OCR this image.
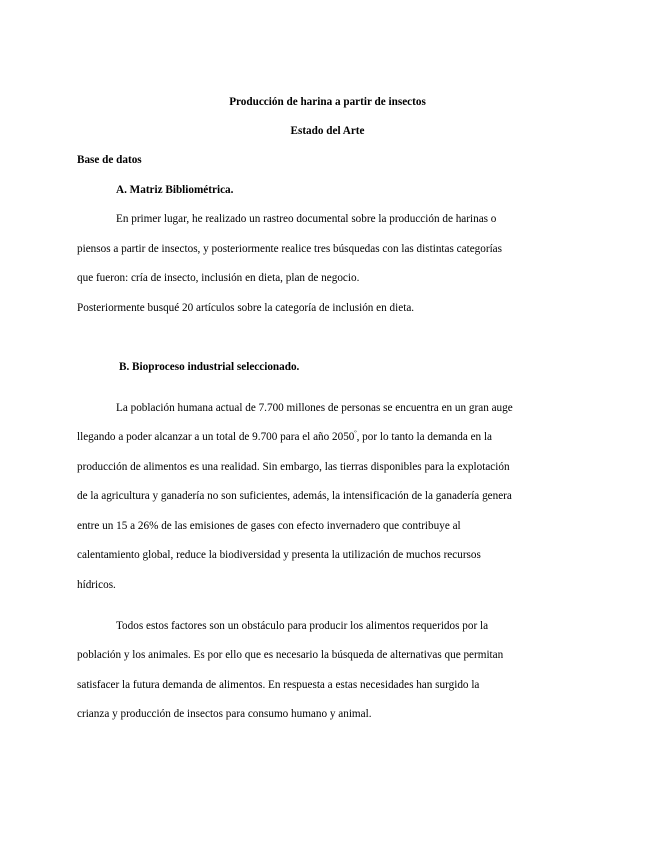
Producción de harina a partir de insectos
Estado del Arte
Base de datos
A. Matriz Bibliométrica.
En primer lugar, he realizado un rastreo documental sobre la producción de harinas o
piensos a partir de insectos, y posteriormente realice tres búsquedas con las distintas categorías
que fueron: cría de insecto, inclusión en dieta, plan de negocio.
Posteriormente busqué 20 artículos sobre la categoría de inclusión en dieta.
B. Bioproceso industrial seleccionado.
La población humana actual de 7.700 millones de personas se encuentra en un gran auge
llegando a poder alcanzar a un total de 9.700 para el año $2050^º$, por lo tanto la demanda en la
producción de alimentos es una realidad. Sin embargo, las tierras disponibles para la explotación
de la agricultura y ganadería no son suficientes, además, la intensificación de la ganadería genera
entre un 15 a 26% de las emisiones de gases con efecto invernadero que contribuye al
calentamiento global, reduce la biodiversidad y presenta la utilización de muchos recursos
hídricos.
Todos estos factores son un obstáculo para producir los alimentos requeridos por la
población y los animales. Es por ello que es necesario la búsqueda de alternativas que permitan
satisfacer la futura demanda de alimentos. En respuesta a estas necesidades han surgido la
crianza y producción de insectos para consumo humano y animal.
